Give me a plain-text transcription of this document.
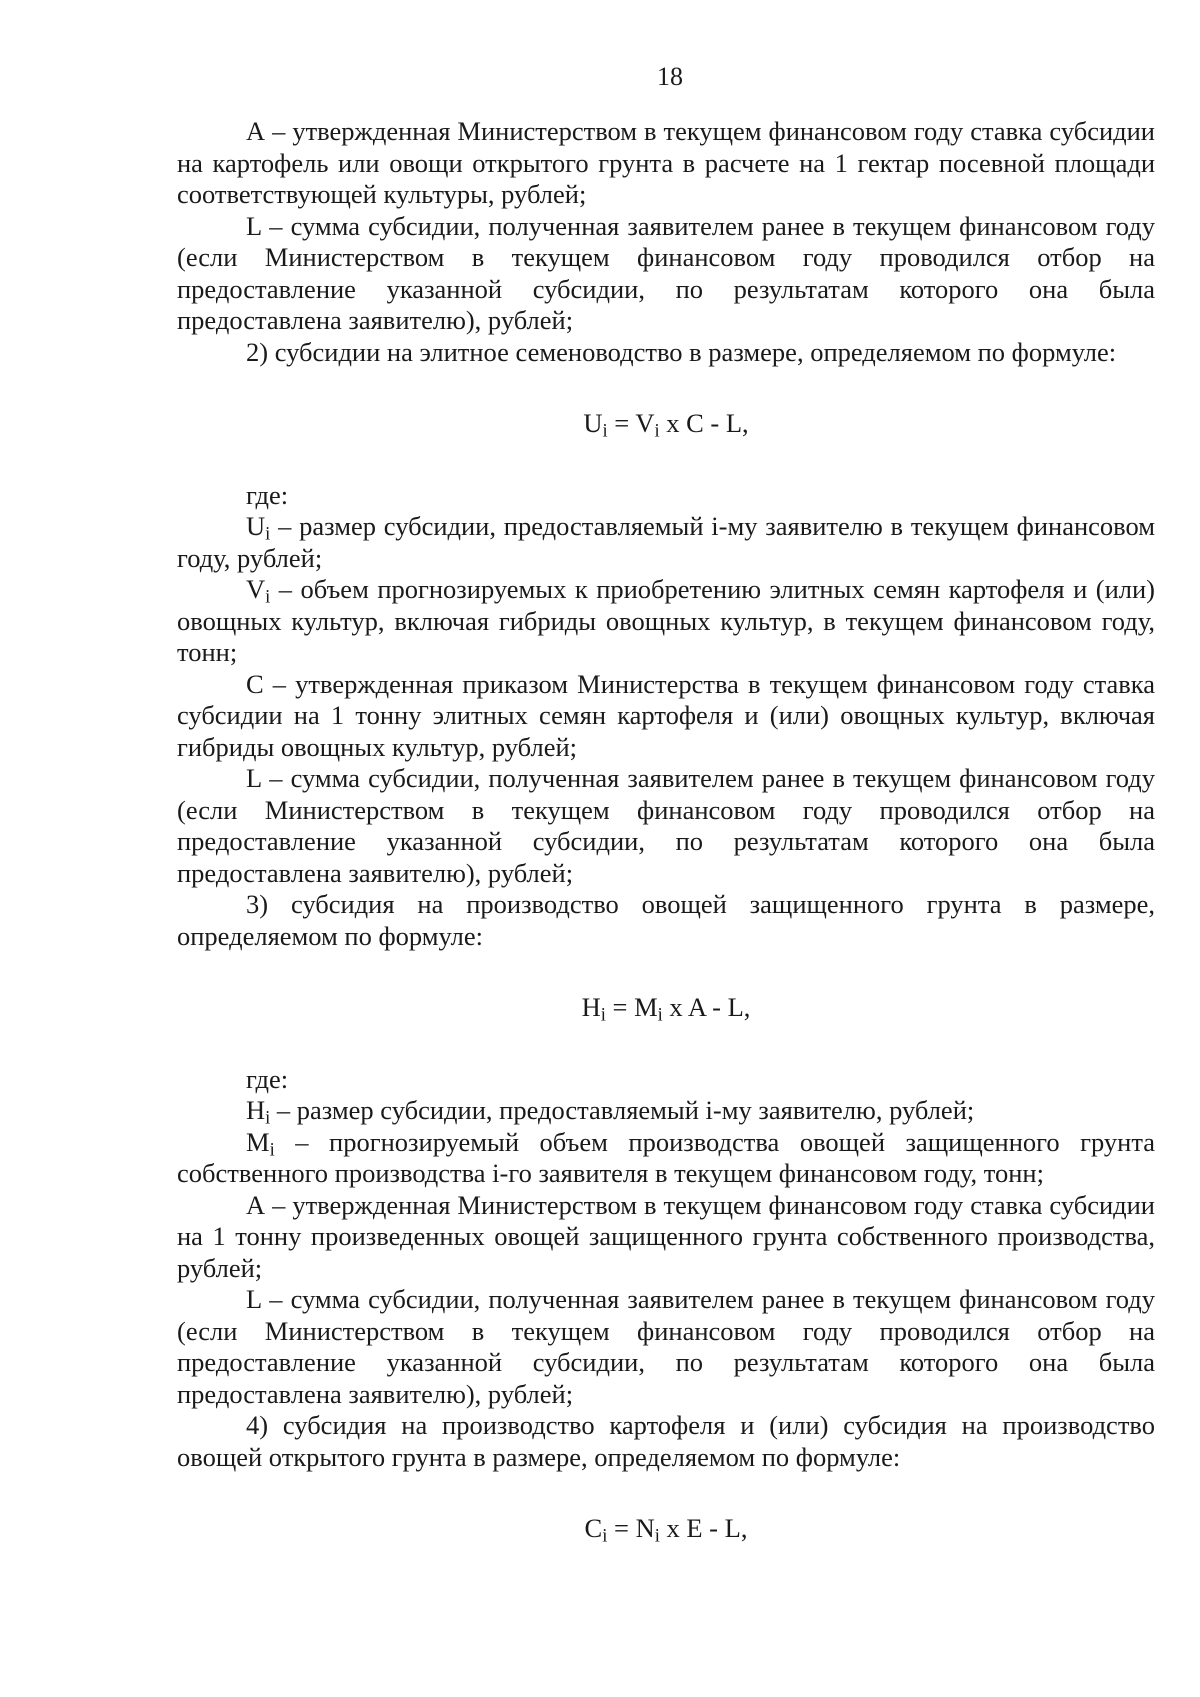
18

А – утвержденная Министерством в текущем финансовом году ставка субсидии на картофель или овощи открытого грунта в расчете на 1 гектар посевной площади соответствующей культуры, рублей;

L – сумма субсидии, полученная заявителем ранее в текущем финансовом году (если Министерством в текущем финансовом году проводился отбор на предоставление указанной субсидии, по результатам которого она была предоставлена заявителю), рублей;

2) субсидии на элитное семеноводство в размере, определяемом по формуле:

$U_i = V_i$ x C - L,

где:

$U_i$ – размер субсидии, предоставляемый i-му заявителю в текущем финансовом году, рублей;

$V_i$ – объем прогнозируемых к приобретению элитных семян картофеля и (или) овощных культур, включая гибриды овощных культур, в текущем финансовом году, тонн;

С – утвержденная приказом Министерства в текущем финансовом году ставка субсидии на 1 тонну элитных семян картофеля и (или) овощных культур, включая гибриды овощных культур, рублей;

L – сумма субсидии, полученная заявителем ранее в текущем финансовом году (если Министерством в текущем финансовом году проводился отбор на предоставление указанной субсидии, по результатам которого она была предоставлена заявителю), рублей;

3) субсидия на производство овощей защищенного грунта в размере, определяемом по формуле:

$H_i = M_i$ x A - L,

где:

$H_i$ – размер субсидии, предоставляемый i-му заявителю, рублей;

$M_i$ – прогнозируемый объем производства овощей защищенного грунта собственного производства i-го заявителя в текущем финансовом году, тонн;

А – утвержденная Министерством в текущем финансовом году ставка субсидии на 1 тонну произведенных овощей защищенного грунта собственного производства, рублей;

L – сумма субсидии, полученная заявителем ранее в текущем финансовом году (если Министерством в текущем финансовом году проводился отбор на предоставление указанной субсидии, по результатам которого она была предоставлена заявителю), рублей;

4) субсидия на производство картофеля и (или) субсидия на производство овощей открытого грунта в размере, определяемом по формуле:

$C_i = N_i$ x E - L,
